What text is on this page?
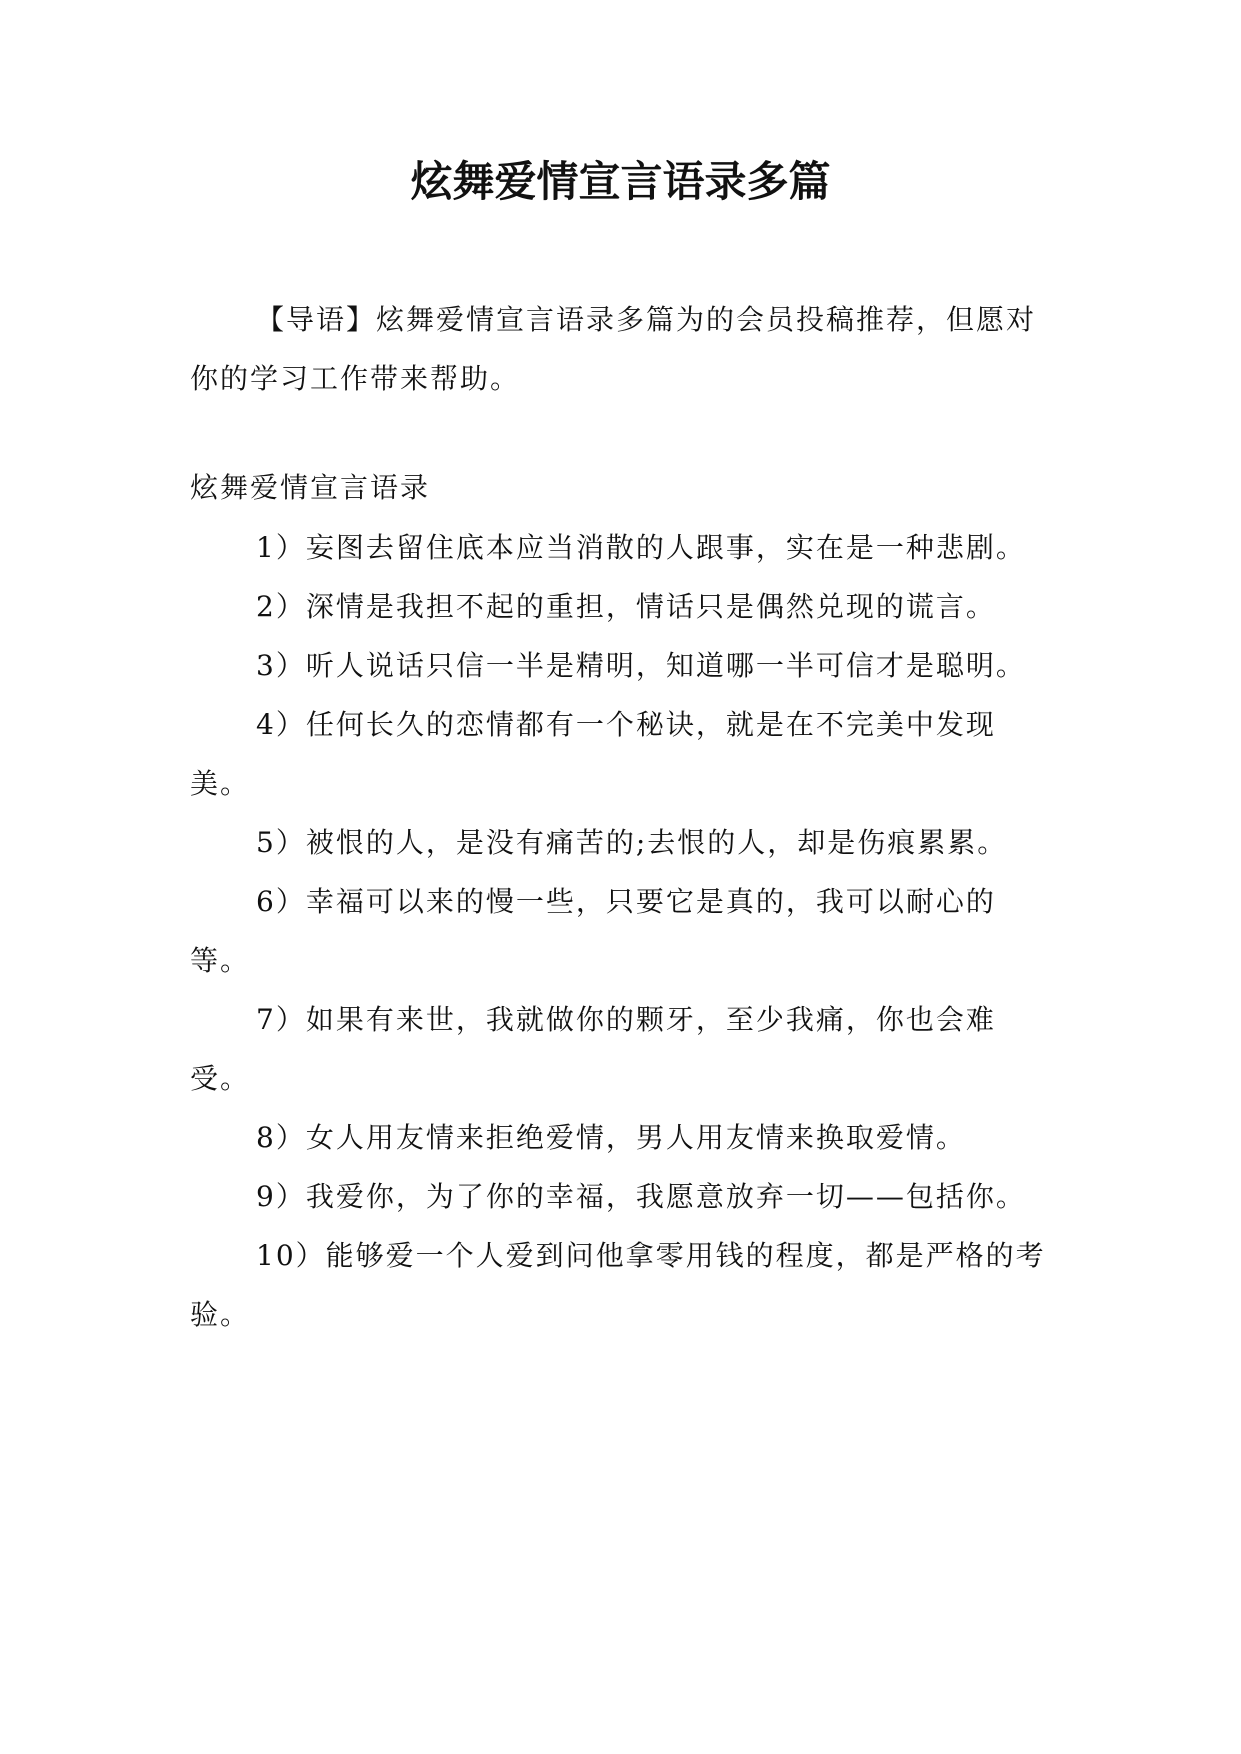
炫舞爱情宣言语录多篇

【导语】炫舞爱情宣言语录多篇为的会员投稿推荐，但愿对你的学习工作带来帮助。

炫舞爱情宣言语录

1）妄图去留住底本应当消散的人跟事，实在是一种悲剧。
2）深情是我担不起的重担，情话只是偶然兑现的谎言。
3）听人说话只信一半是精明，知道哪一半可信才是聪明。
4）任何长久的恋情都有一个秘诀，就是在不完美中发现美。
5）被恨的人，是没有痛苦的;去恨的人，却是伤痕累累。
6）幸福可以来的慢一些，只要它是真的，我可以耐心的等。
7）如果有来世，我就做你的颗牙，至少我痛，你也会难受。
8）女人用友情来拒绝爱情，男人用友情来换取爱情。
9）我爱你，为了你的幸福，我愿意放弃一切——包括你。
10）能够爱一个人爱到问他拿零用钱的程度，都是严格的考验。
